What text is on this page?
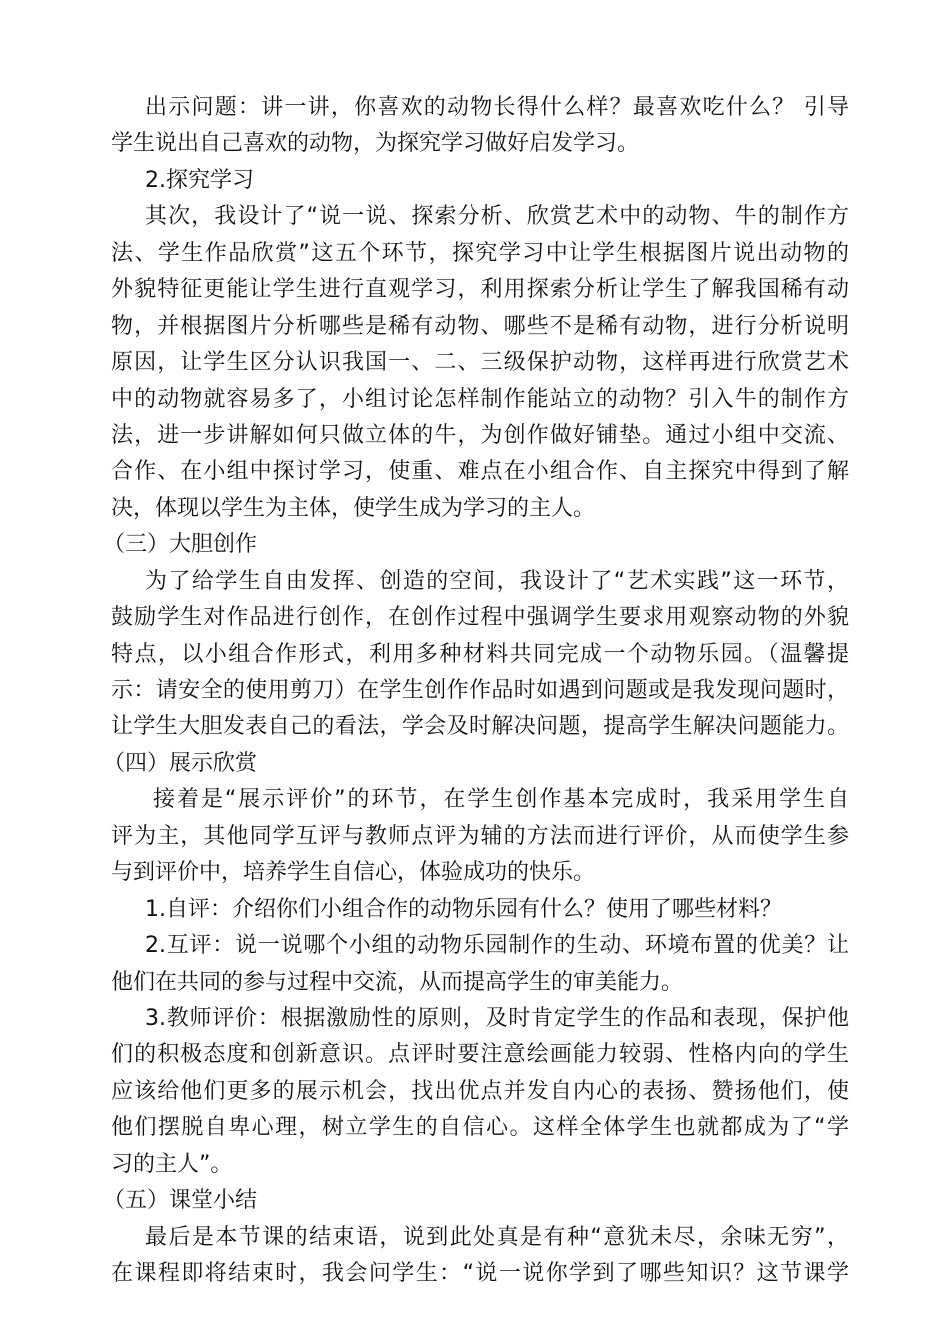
出示问题：讲一讲，你喜欢的动物长得什么样？最喜欢吃什么？ 引导
学生说出自己喜欢的动物，为探究学习做好启发学习。
2.探究学习
其次，我设计了“说一说、探索分析、欣赏艺术中的动物、牛的制作方
法、学生作品欣赏”这五个环节，探究学习中让学生根据图片说出动物的
外貌特征更能让学生进行直观学习，利用探索分析让学生了解我国稀有动
物，并根据图片分析哪些是稀有动物、哪些不是稀有动物，进行分析说明
原因，让学生区分认识我国一、二、三级保护动物，这样再进行欣赏艺术
中的动物就容易多了，小组讨论怎样制作能站立的动物？引入牛的制作方
法，进一步讲解如何只做立体的牛，为创作做好铺垫。通过小组中交流、
合作、在小组中探讨学习，使重、难点在小组合作、自主探究中得到了解
决，体现以学生为主体，使学生成为学习的主人。
（三）大胆创作
为了给学生自由发挥、创造的空间，我设计了“艺术实践”这一环节，
鼓励学生对作品进行创作，在创作过程中强调学生要求用观察动物的外貌
特点，以小组合作形式，利用多种材料共同完成一个动物乐园。（温馨提
示：请安全的使用剪刀）在学生创作作品时如遇到问题或是我发现问题时，
让学生大胆发表自己的看法，学会及时解决问题，提高学生解决问题能力。
（四）展示欣赏
接着是“展示评价”的环节，在学生创作基本完成时，我采用学生自
评为主，其他同学互评与教师点评为辅的方法而进行评价，从而使学生参
与到评价中，培养学生自信心，体验成功的快乐。
1.自评：介绍你们小组合作的动物乐园有什么？使用了哪些材料？
2.互评：说一说哪个小组的动物乐园制作的生动、环境布置的优美？让
他们在共同的参与过程中交流，从而提高学生的审美能力。
3.教师评价：根据激励性的原则，及时肯定学生的作品和表现，保护他
们的积极态度和创新意识。点评时要注意绘画能力较弱、性格内向的学生
应该给他们更多的展示机会，找出优点并发自内心的表扬、赞扬他们，使
他们摆脱自卑心理，树立学生的自信心。这样全体学生也就都成为了“学
习的主人”。
（五）课堂小结
最后是本节课的结束语，说到此处真是有种“意犹未尽，余味无穷”，
在课程即将结束时，我会问学生：“说一说你学到了哪些知识？这节课学
